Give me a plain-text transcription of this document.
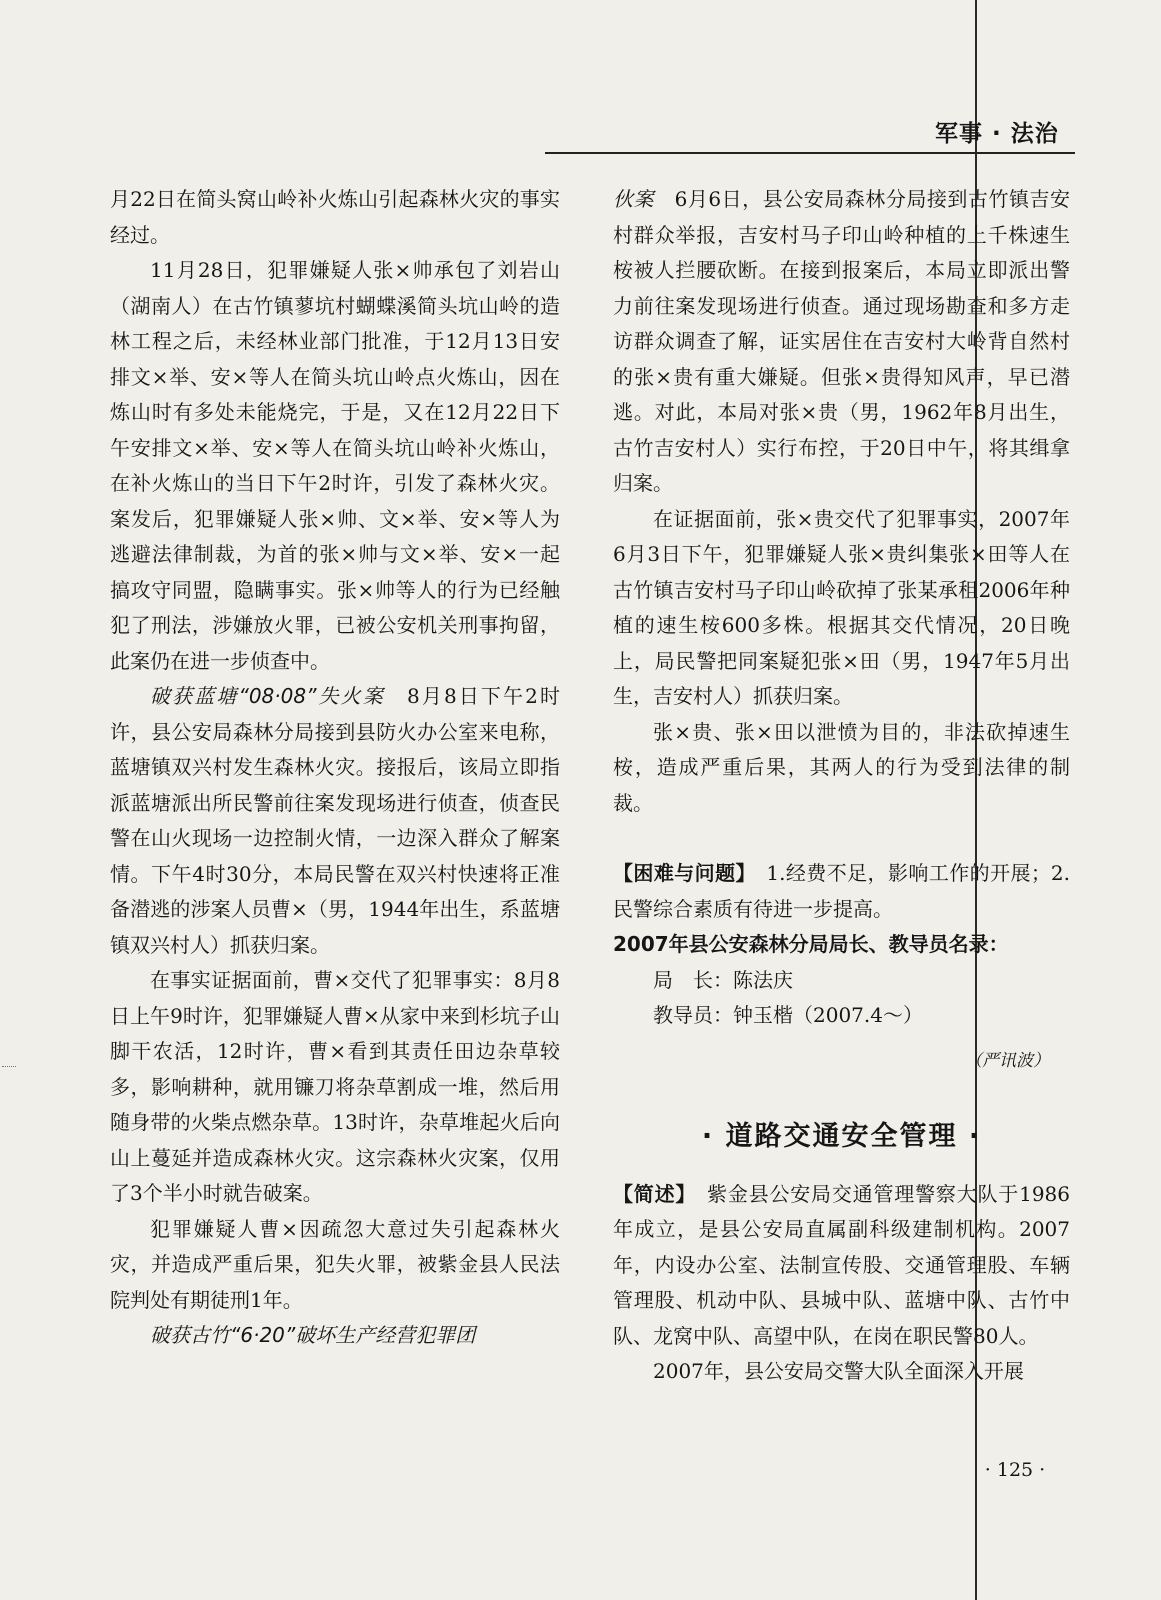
军事 · 法治

月22日在简头窝山岭补火炼山引起森林火灾的事实经过。

11月28日，犯罪嫌疑人张×帅承包了刘岩山（湖南人）在古竹镇蓼坑村蝴蝶溪简头坑山岭的造林工程之后，未经林业部门批准，于12月13日安排文×举、安×等人在简头坑山岭点火炼山，因在炼山时有多处未能烧完，于是，又在12月22日下午安排文×举、安×等人在简头坑山岭补火炼山，在补火炼山的当日下午2时许，引发了森林火灾。案发后，犯罪嫌疑人张×帅、文×举、安×等人为逃避法律制裁，为首的张×帅与文×举、安×一起搞攻守同盟，隐瞒事实。张×帅等人的行为已经触犯了刑法，涉嫌放火罪，已被公安机关刑事拘留，此案仍在进一步侦查中。

破获蓝塘“08·08”失火案　 8月8日下午2时许，县公安局森林分局接到县防火办公室来电称，蓝塘镇双兴村发生森林火灾。接报后，该局立即指派蓝塘派出所民警前往案发现场进行侦查，侦查民警在山火现场一边控制火情，一边深入群众了解案情。下午4时30分，本局民警在双兴村快速将正准备潜逃的涉案人员曹×（男，1944年出生，系蓝塘镇双兴村人）抓获归案。

在事实证据面前，曹×交代了犯罪事实：8月8日上午9时许，犯罪嫌疑人曹×从家中来到杉坑子山脚干农活，12时许，曹×看到其责任田边杂草较多，影响耕种，就用镰刀将杂草割成一堆，然后用随身带的火柴点燃杂草。13时许，杂草堆起火后向山上蔓延并造成森林火灾。这宗森林火灾案，仅用了3个半小时就告破案。

犯罪嫌疑人曹×因疏忽大意过失引起森林火灾，并造成严重后果，犯失火罪，被紫金县人民法院判处有期徒刑1年。

破获古竹“6·20”破坏生产经营犯罪团

伙案　 6月6日，县公安局森林分局接到古竹镇吉安村群众举报，吉安村马子印山岭种植的上千株速生桉被人拦腰砍断。在接到报案后，本局立即派出警力前往案发现场进行侦查。通过现场勘查和多方走访群众调查了解，证实居住在吉安村大岭背自然村的张×贵有重大嫌疑。但张×贵得知风声，早已潜逃。对此，本局对张×贵（男，1962年8月出生，古竹吉安村人）实行布控，于20日中午，将其缉拿归案。

在证据面前，张×贵交代了犯罪事实，2007年6月3日下午，犯罪嫌疑人张×贵纠集张×田等人在古竹镇吉安村马子印山岭砍掉了张某承租2006年种植的速生桉600多株。根据其交代情况，20日晚上，局民警把同案疑犯张×田（男，1947年5月出生，吉安村人）抓获归案。

张×贵、张×田以泄愤为目的，非法砍掉速生桉，造成严重后果，其两人的行为受到法律的制裁。

【困难与问题】　 1.经费不足，影响工作的开展；2.民警综合素质有待进一步提高。

2007年县公安森林分局局长、教导员名录：

局　长：陈法庆

教导员：钟玉楷（2007.4～）

（严讯波）
· 道路交通安全管理 ·

【简述】　 紫金县公安局交通管理警察大队于1986年成立，是县公安局直属副科级建制机构。2007年，内设办公室、法制宣传股、交通管理股、车辆管理股、机动中队、县城中队、蓝塘中队、古竹中队、龙窝中队、高望中队，在岗在职民警80人。

2007年，县公安局交警大队全面深入开展

· 125 ·
